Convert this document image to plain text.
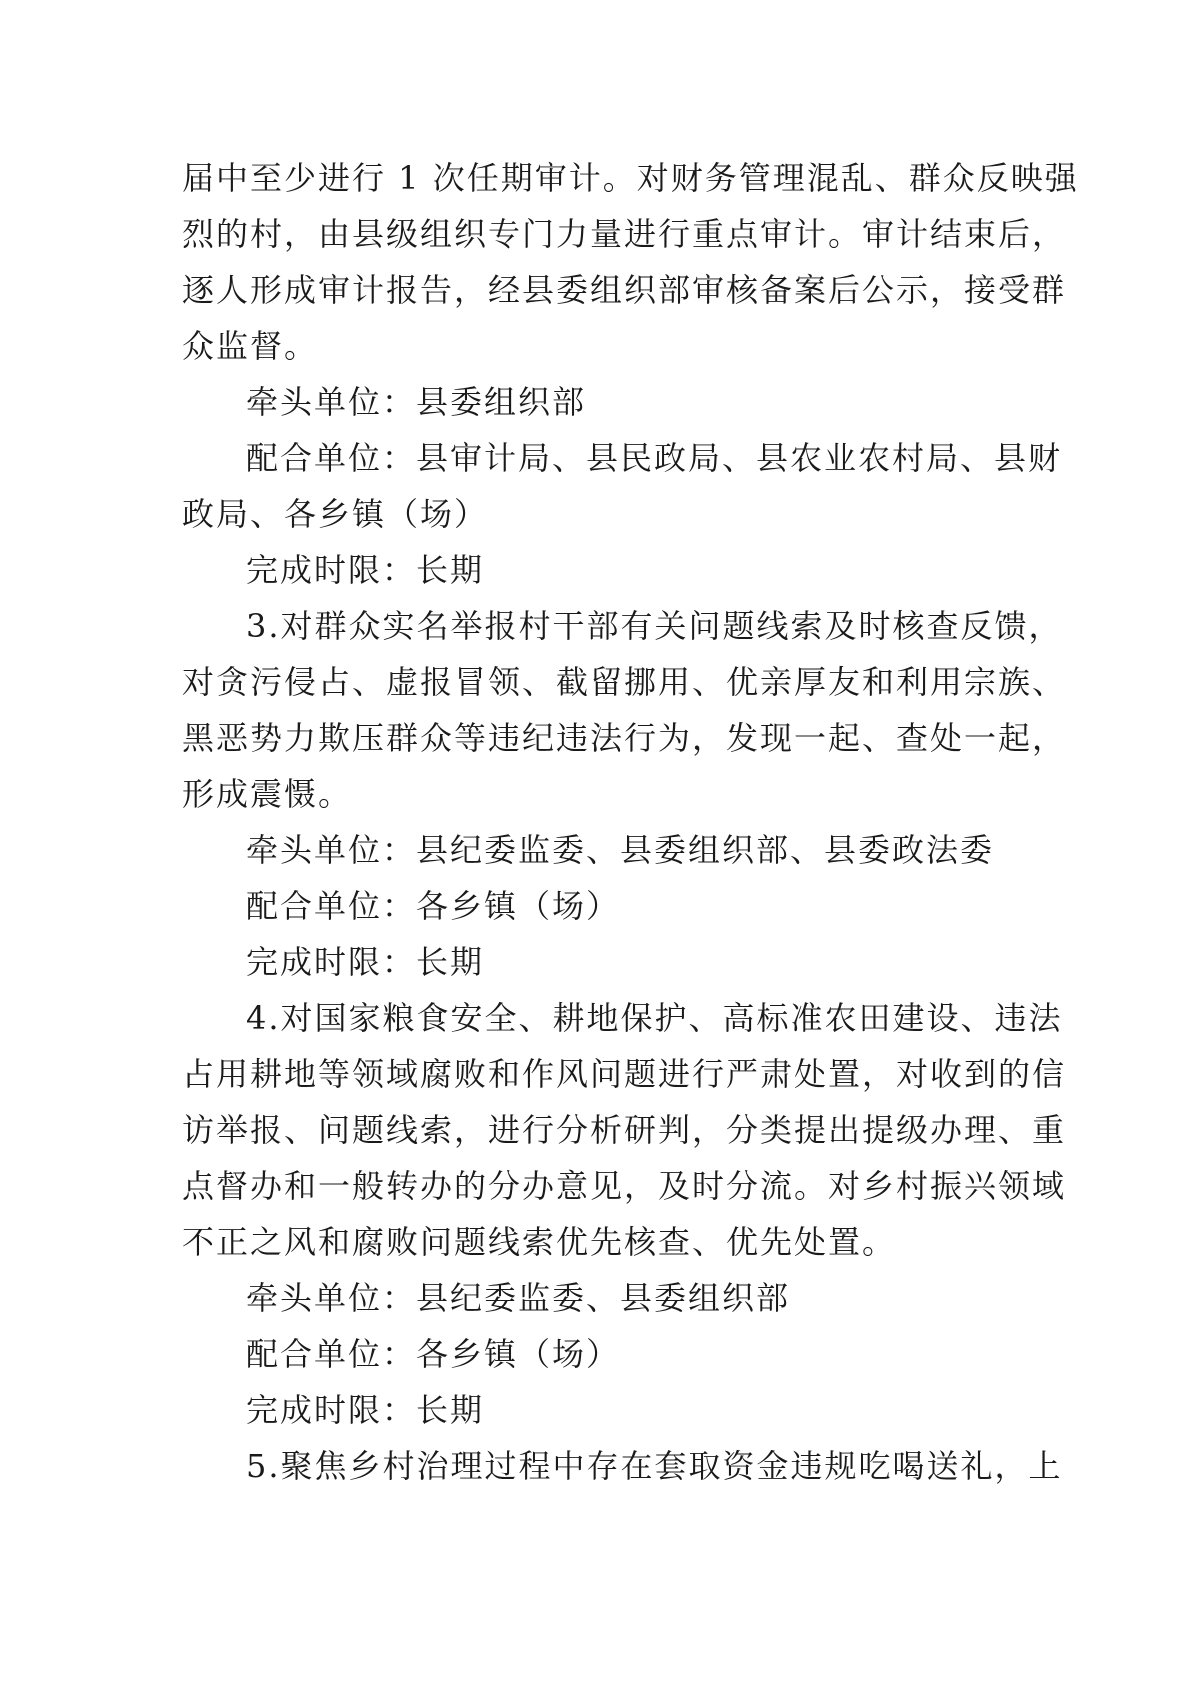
届中至少进行 1 次任期审计。对财务管理混乱、群众反映强
烈的村，由县级组织专门力量进行重点审计。审计结束后，
逐人形成审计报告，经县委组织部审核备案后公示，接受群
众监督。
牵头单位：县委组织部
配合单位：县审计局、县民政局、县农业农村局、县财
政局、各乡镇（场）
完成时限：长期
3.对群众实名举报村干部有关问题线索及时核查反馈，
对贪污侵占、虚报冒领、截留挪用、优亲厚友和利用宗族、
黑恶势力欺压群众等违纪违法行为，发现一起、查处一起，
形成震慑。
牵头单位：县纪委监委、县委组织部、县委政法委
配合单位：各乡镇（场）
完成时限：长期
4.对国家粮食安全、耕地保护、高标准农田建设、违法
占用耕地等领域腐败和作风问题进行严肃处置，对收到的信
访举报、问题线索，进行分析研判，分类提出提级办理、重
点督办和一般转办的分办意见，及时分流。对乡村振兴领域
不正之风和腐败问题线索优先核查、优先处置。
牵头单位：县纪委监委、县委组织部
配合单位：各乡镇（场）
完成时限：长期
5.聚焦乡村治理过程中存在套取资金违规吃喝送礼，上
